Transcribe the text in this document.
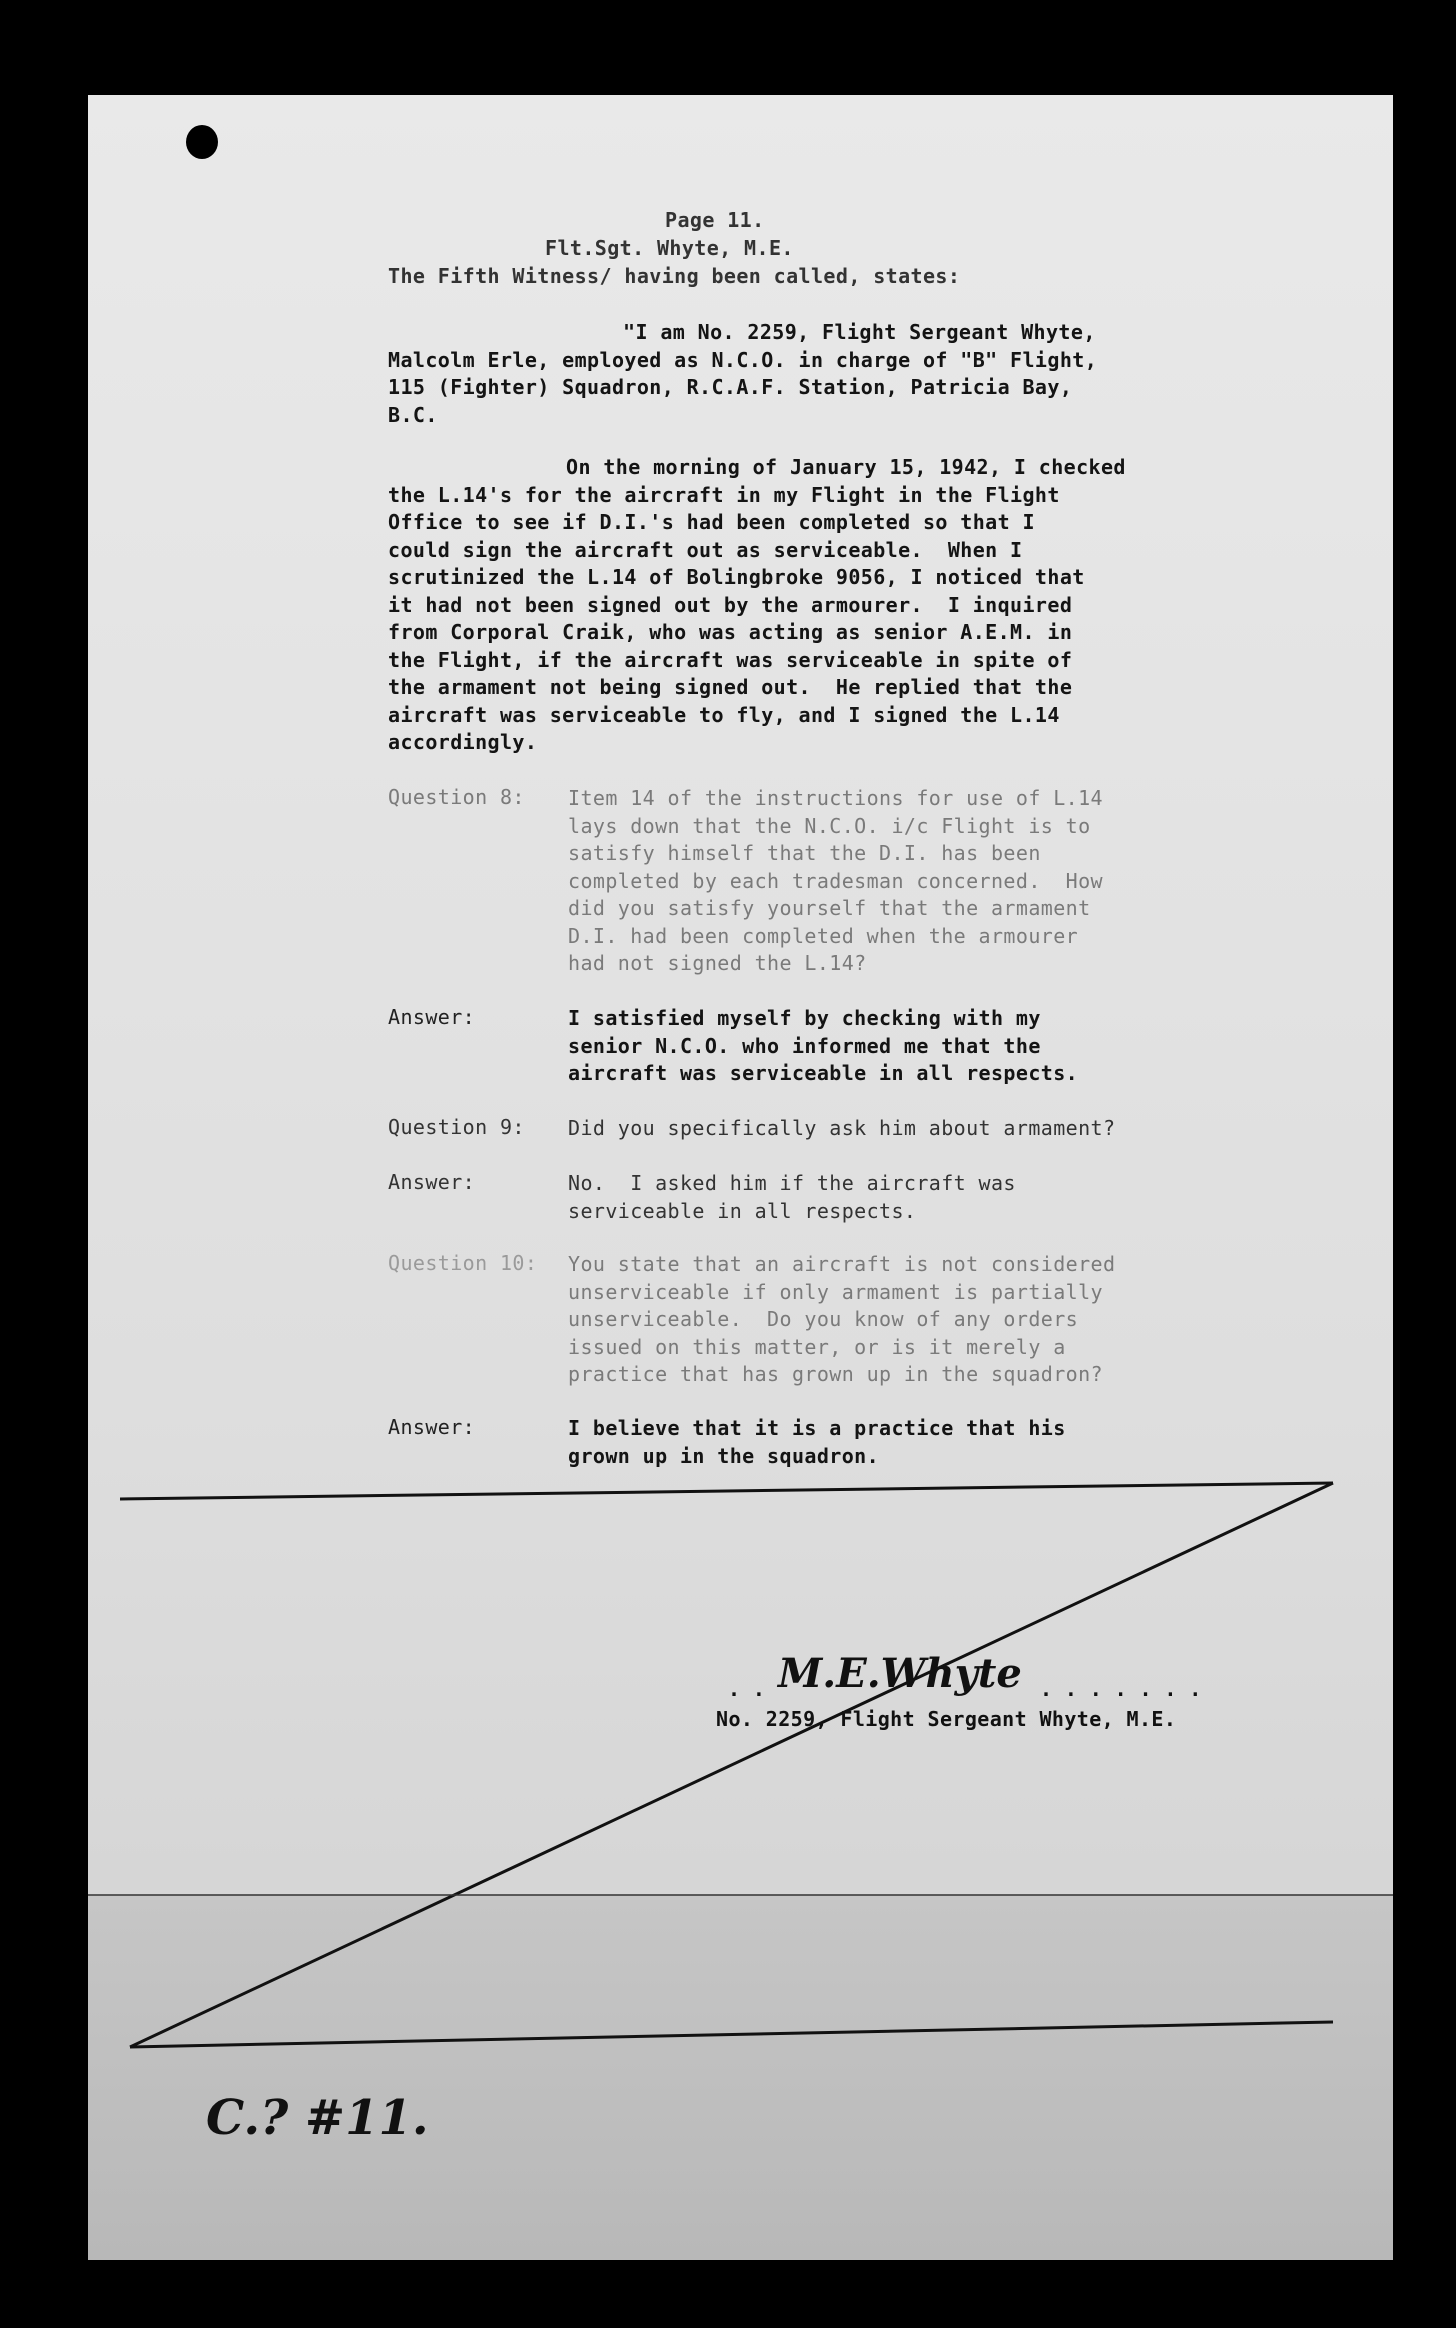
Page 11.
Flt.Sgt. Whyte, M.E.
The Fifth Witness/ having been called, states:
"I am No. 2259, Flight Sergeant Whyte,
Malcolm Erle, employed as N.C.O. in charge of "B" Flight,
115 (Fighter) Squadron, R.C.A.F. Station, Patricia Bay,
B.C.
On the morning of January 15, 1942, I checked
the L.14's for the aircraft in my Flight in the Flight
Office to see if D.I.'s had been completed so that I
could sign the aircraft out as serviceable.  When I
scrutinized the L.14 of Bolingbroke 9056, I noticed that
it had not been signed out by the armourer.  I inquired
from Corporal Craik, who was acting as senior A.E.M. in
the Flight, if the aircraft was serviceable in spite of
the armament not being signed out.  He replied that the
aircraft was serviceable to fly, and I signed the L.14
accordingly.
Question 8: Item 14 of the instructions for use of L.14
lays down that the N.C.O. i/c Flight is to
satisfy himself that the D.I. has been
completed by each tradesman concerned.  How
did you satisfy yourself that the armament
D.I. had been completed when the armourer
had not signed the L.14?
Answer:	I satisfied myself by checking with my
senior N.C.O. who informed me that the
aircraft was serviceable in all respects.
Question 9: Did you specifically ask him about armament?
Answer:	No.  I asked him if the aircraft was
serviceable in all respects.
Question 10: You state that an aircraft is not considered
unserviceable if only armament is partially
unserviceable.  Do you know of any orders
issued on this matter, or is it merely a
practice that has grown up in the squadron?
Answer:	I believe that it is a practice that his
grown up in the squadron.
. . M.E.Whyte . . . . . . .
No. 2259, Flight Sergeant Whyte, M.E.
C.? #11.
